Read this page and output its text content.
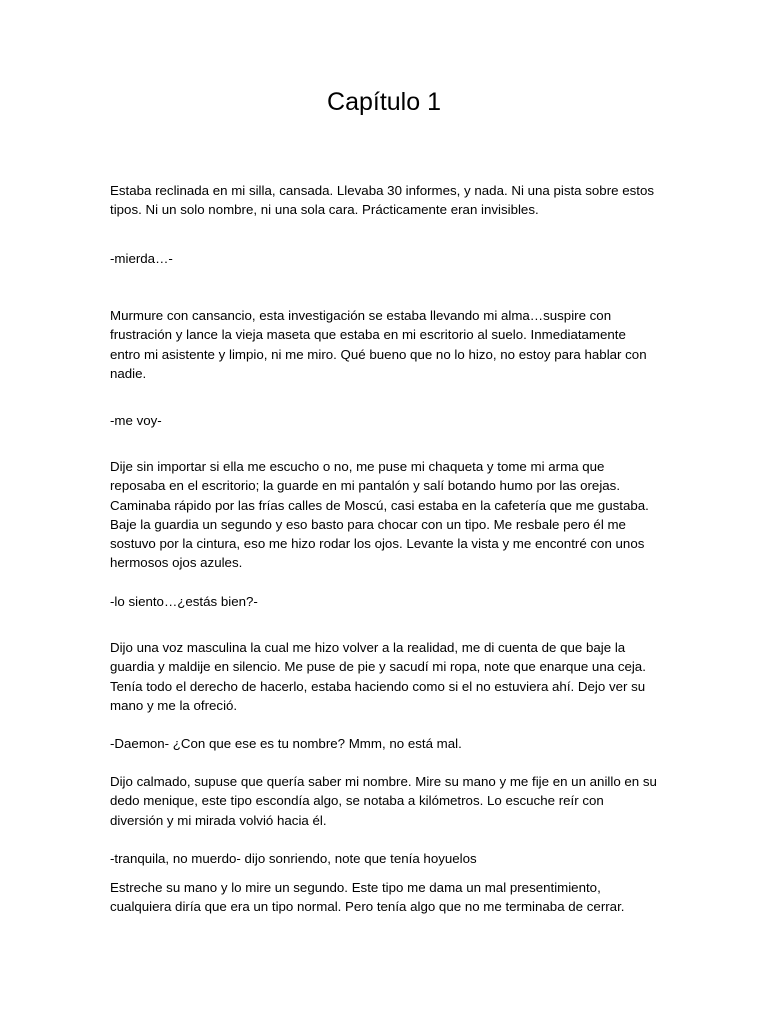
Capítulo 1

Estaba reclinada en mi silla, cansada. Llevaba 30 informes, y nada. Ni una pista sobre estos tipos. Ni un solo nombre, ni una sola cara. Prácticamente eran invisibles.

-mierda…-

Murmure con cansancio, esta investigación se estaba llevando mi alma…suspire con frustración y lance la vieja maseta que estaba en mi escritorio al suelo. Inmediatamente entro mi asistente y limpio, ni me miro. Qué bueno que no lo hizo, no estoy para hablar con nadie.

-me voy-

Dije sin importar si ella me escucho o no, me puse mi chaqueta y tome mi arma que reposaba en el escritorio; la guarde en mi pantalón y salí botando humo por las orejas. Caminaba rápido por las frías calles de Moscú, casi estaba en la cafetería que me gustaba. Baje la guardia un segundo y eso basto para chocar con un tipo. Me resbale pero él me sostuvo por la cintura, eso me hizo rodar los ojos. Levante la vista y me encontré con unos hermosos ojos azules.

-lo siento…¿estás bien?-

Dijo una voz masculina la cual me hizo volver a la realidad, me di cuenta de que baje la guardia y maldije en silencio. Me puse de pie y sacudí mi ropa, note que enarque una ceja. Tenía todo el derecho de hacerlo, estaba haciendo como si el no estuviera ahí. Dejo ver su mano y me la ofreció.

-Daemon- ¿Con que ese es tu nombre? Mmm, no está mal.

Dijo calmado, supuse que quería saber mi nombre. Mire su mano y me fije en un anillo en su dedo menique, este tipo escondía algo, se notaba a kilómetros. Lo escuche reír con diversión y mi mirada volvió hacia él.

-tranquila, no muerdo- dijo sonriendo, note que tenía hoyuelos

Estreche su mano y lo mire un segundo. Este tipo me dama un mal presentimiento, cualquiera diría que era un tipo normal. Pero tenía algo que no me terminaba de cerrar.
